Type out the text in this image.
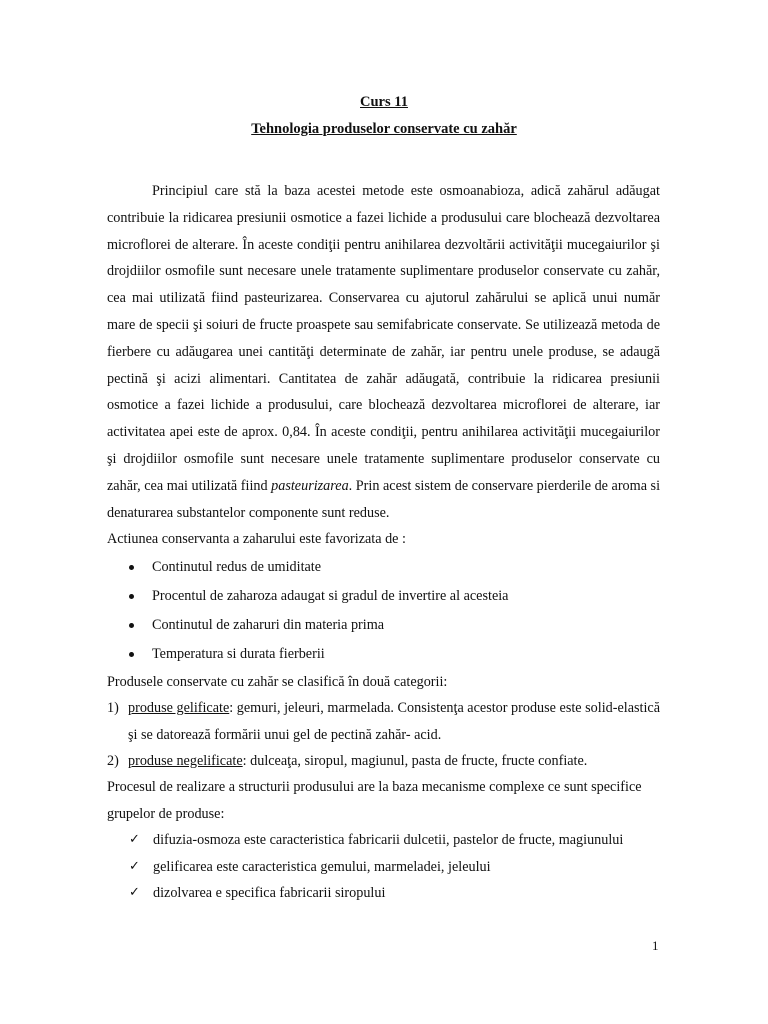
Curs 11
Tehnologia produselor conservate cu zahăr

Principiul care stă la baza acestei metode este osmoanabioza, adică zahărul adăugat contribuie la ridicarea presiunii osmotice a fazei lichide a produsului care blochează dezvoltarea microflorei de alterare. În aceste condiţii pentru anihilarea dezvoltării activităţii mucegaiurilor şi drojdiilor osmofile sunt necesare unele tratamente suplimentare produselor conservate cu zahăr, cea mai utilizată fiind pasteurizarea. Conservarea cu ajutorul zahărului se aplică unui număr mare de specii şi soiuri de fructe proaspete sau semifabricate conservate. Se utilizează metoda de fierbere cu adăugarea unei cantităţi determinate de zahăr, iar pentru unele produse, se adaugă pectină şi acizi alimentari. Cantitatea de zahăr adăugată, contribuie la ridicarea presiunii osmotice a fazei lichide a produsului, care blochează dezvoltarea microflorei de alterare, iar activitatea apei este de aprox. 0,84. În aceste condiţii, pentru anihilarea activităţii mucegaiurilor şi drojdiilor osmofile sunt necesare unele tratamente suplimentare produselor conservate cu zahăr, cea mai utilizată fiind pasteurizarea. Prin acest sistem de conservare pierderile de aroma si denaturarea substantelor componente sunt reduse.

Actiunea conservanta a zaharului este favorizata de :

Continutul redus de umiditate
Procentul de zaharoza adaugat si gradul de invertire al acesteia
Continutul de zaharuri din materia prima
Temperatura si durata fierberii

Produsele conservate cu zahăr se clasifică în două categorii:

1) produse gelificate: gemuri, jeleuri, marmelada. Consistenţa acestor produse este solid-elastică şi se datorează formării unui gel de pectină zahăr- acid.
2) produse negelificate: dulceaţa, siropul, magiunul, pasta de fructe, fructe confiate.

Procesul de realizare a structurii produsului are la baza mecanisme complexe ce sunt specifice grupelor de produse:

✓ difuzia-osmoza este caracteristica fabricarii dulcetii, pastelor de fructe, magiunului
✓ gelificarea este caracteristica gemului, marmeladei, jeleului
✓ dizolvarea e specifica fabricarii siropului
1
